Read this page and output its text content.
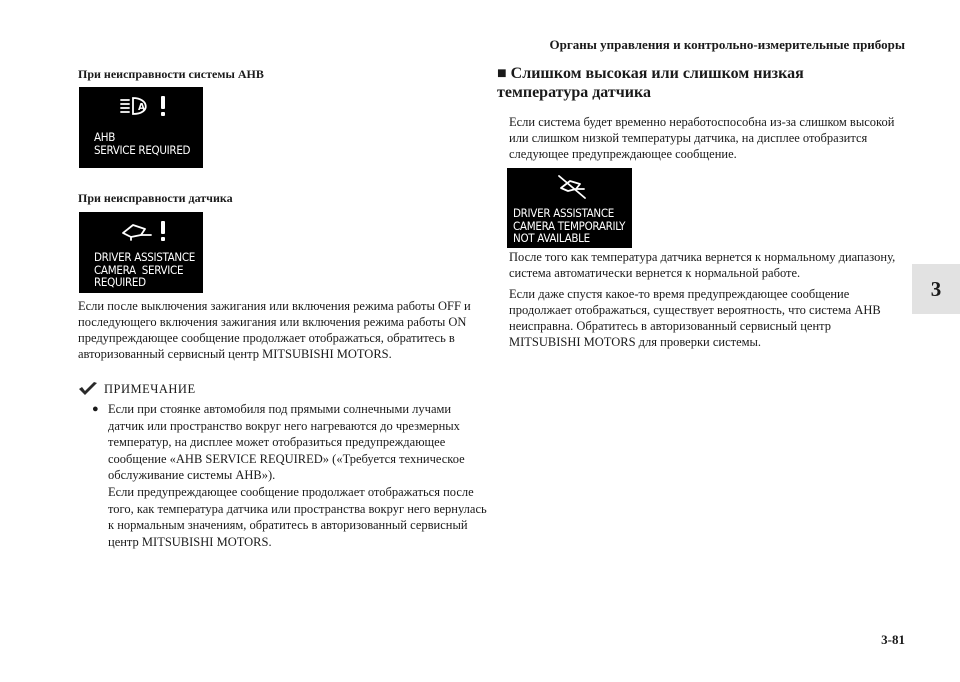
Органы управления и контрольно-измерительные приборы
3
3-81
При неисправности системы AHB
A
AHB
SERVICE REQUIRED
При неисправности датчика
DRIVER ASSISTANCE
CAMERA  SERVICE
REQUIRED

Если после выключения зажигания или включения режима работы OFF и последующего включения зажигания или включения режима работы ON предупреждающее сообщение продолжает отображаться, обратитесь в авторизованный сервисный центр MITSUBISHI MOTORS.

ПРИМЕЧАНИЕ
● Если при стоянке автомобиля под прямыми солнечными лучами датчик или пространство вокруг него нагреваются до чрезмерных температур, на дисплее может отобразиться предупреждающее сообщение «AHB SERVICE REQUIRED» («Требуется техническое обслуживание системы AHB»).

Если предупреждающее сообщение продолжает отображаться после того, как температура датчика или пространства вокруг него вернулась к нормальным значениям, обратитесь в авторизованный сервисный центр MITSUBISHI MOTORS.

■ Слишком высокая или слишком низкая температура датчика

Если система будет временно неработоспособна из-за слишком высокой или слишком низкой температуры датчика, на дисплее отобразится следующее предупреждающее сообщение.

DRIVER ASSISTANCE
CAMERA TEMPORARILY
NOT AVAILABLE

После того как температура датчика вернется к нормальному диапазону, система автоматически вернется к нормальной работе.

Если даже спустя какое-то время предупреждающее сообщение продолжает отображаться, существует вероятность, что система AHB неисправна. Обратитесь в авторизованный сервисный центр MITSUBISHI MOTORS для проверки системы.
